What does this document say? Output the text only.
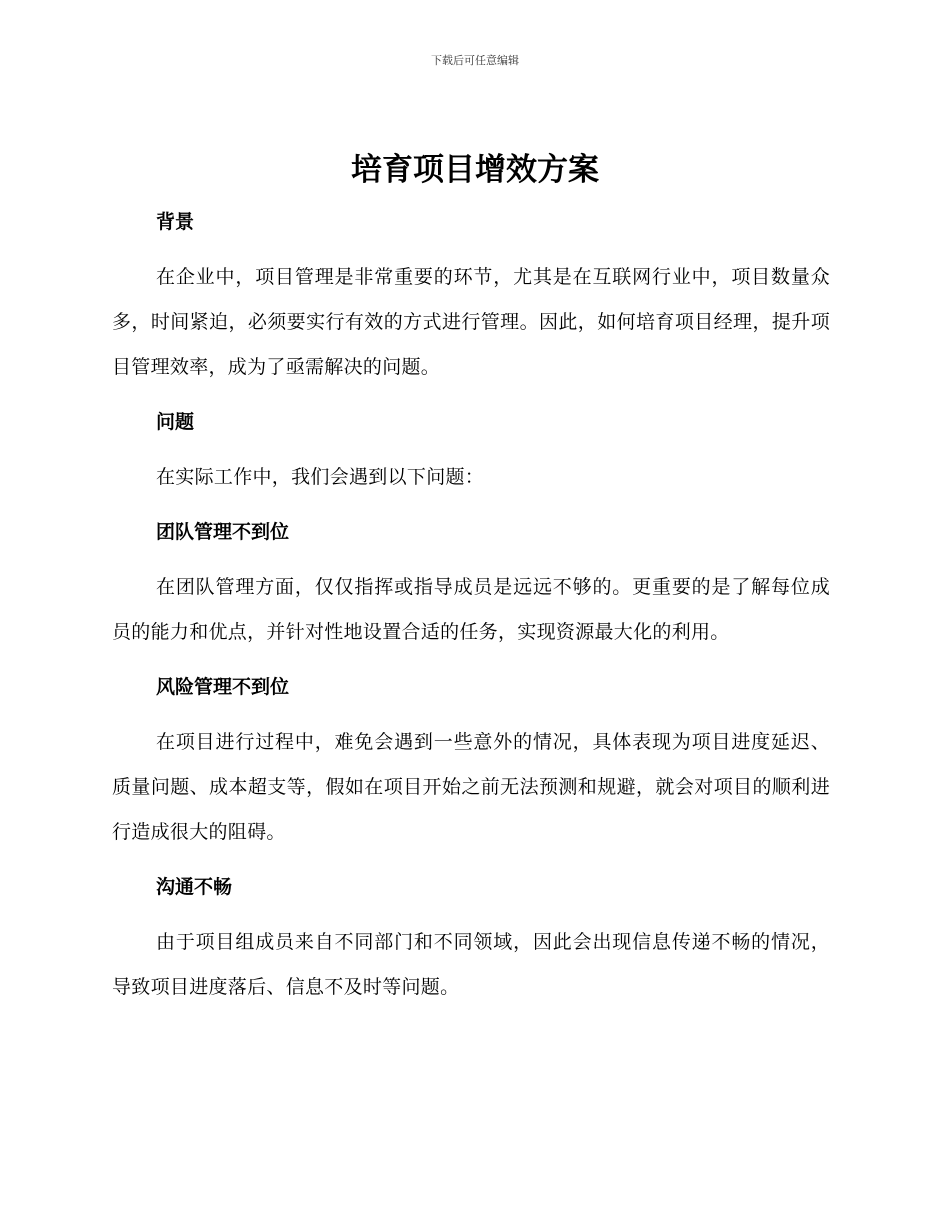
下载后可任意编辑
培育项目增效方案
背景

在企业中，项目管理是非常重要的环节，尤其是在互联网行业中，项目数量众多，时间紧迫，必须要实行有效的方式进行管理。因此，如何培育项目经理，提升项目管理效率，成为了亟需解决的问题。

问题

在实际工作中，我们会遇到以下问题：

团队管理不到位

在团队管理方面，仅仅指挥或指导成员是远远不够的。更重要的是了解每位成员的能力和优点，并针对性地设置合适的任务，实现资源最大化的利用。

风险管理不到位

在项目进行过程中，难免会遇到一些意外的情况，具体表现为项目进度延迟、质量问题、成本超支等，假如在项目开始之前无法预测和规避，就会对项目的顺利进行造成很大的阻碍。

沟通不畅

由于项目组成员来自不同部门和不同领域，因此会出现信息传递不畅的情况，导致项目进度落后、信息不及时等问题。
